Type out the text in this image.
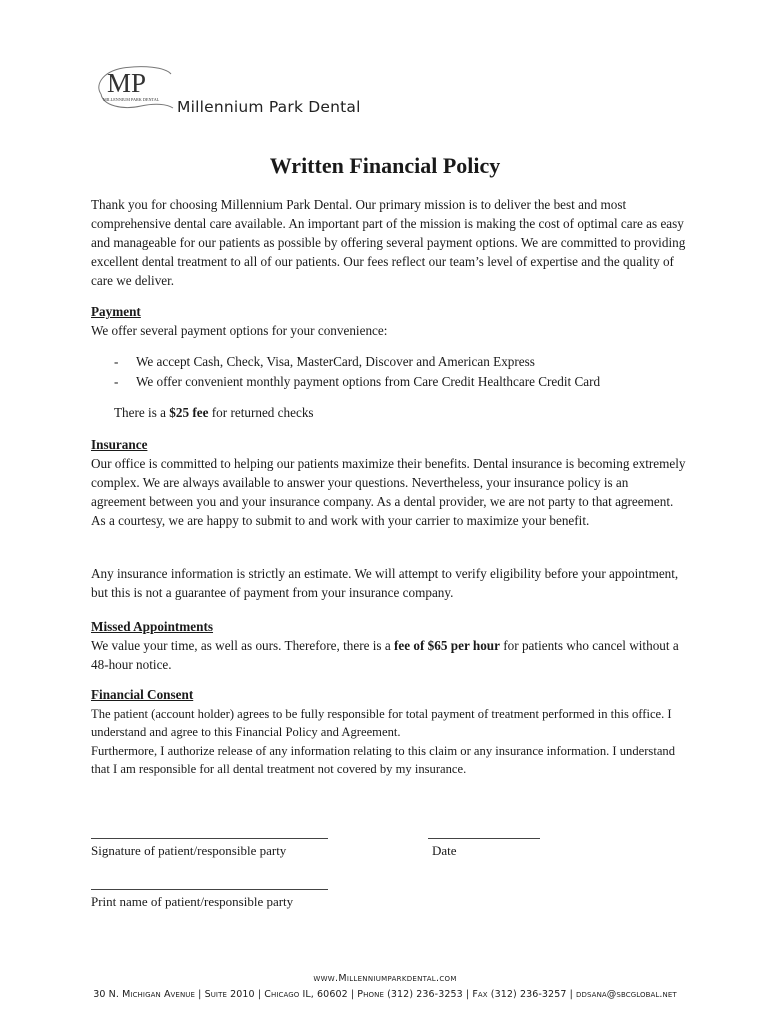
MP
MILLENNIUM PARK DENTAL Millennium Park Dental
Written Financial Policy
Thank you for choosing Millennium Park Dental. Our primary mission is to deliver the best and most comprehensive dental care available. An important part of the mission is making the cost of optimal care as easy and manageable for our patients as possible by offering several payment options. We are committed to providing excellent dental treatment to all of our patients. Our fees reflect our team’s level of expertise and the quality of care we deliver.
Payment
We offer several payment options for your convenience:
-	We accept Cash, Check, Visa, MasterCard, Discover and American Express
-	We offer convenient monthly payment options from Care Credit Healthcare Credit Card
There is a $25 fee for returned checks
Insurance
Our office is committed to helping our patients maximize their benefits. Dental insurance is becoming extremely complex. We are always available to answer your questions. Nevertheless, your insurance policy is an agreement between you and your insurance company. As a dental provider, we are not party to that agreement. As a courtesy, we are happy to submit to and work with your carrier to maximize your benefit.
Any insurance information is strictly an estimate. We will attempt to verify eligibility before your appointment, but this is not a guarantee of payment from your insurance company.
Missed Appointments
We value your time, as well as ours. Therefore, there is a fee of $65 per hour for patients who cancel without a 48-hour notice.
Financial Consent
The patient (account holder) agrees to be fully responsible for total payment of treatment performed in this office. I understand and agree to this Financial Policy and Agreement.
Furthermore, I authorize release of any information relating to this claim or any insurance information. I understand that I am responsible for all dental treatment not covered by my insurance.
Signature of patient/responsible party	Date
Print name of patient/responsible party
www.Millenniumparkdental.com
30 N. Michigan Avenue | Suite 2010 | Chicago IL, 60602 | Phone (312) 236-3253 | Fax (312) 236-3257 | ddsana@sbcglobal.net
